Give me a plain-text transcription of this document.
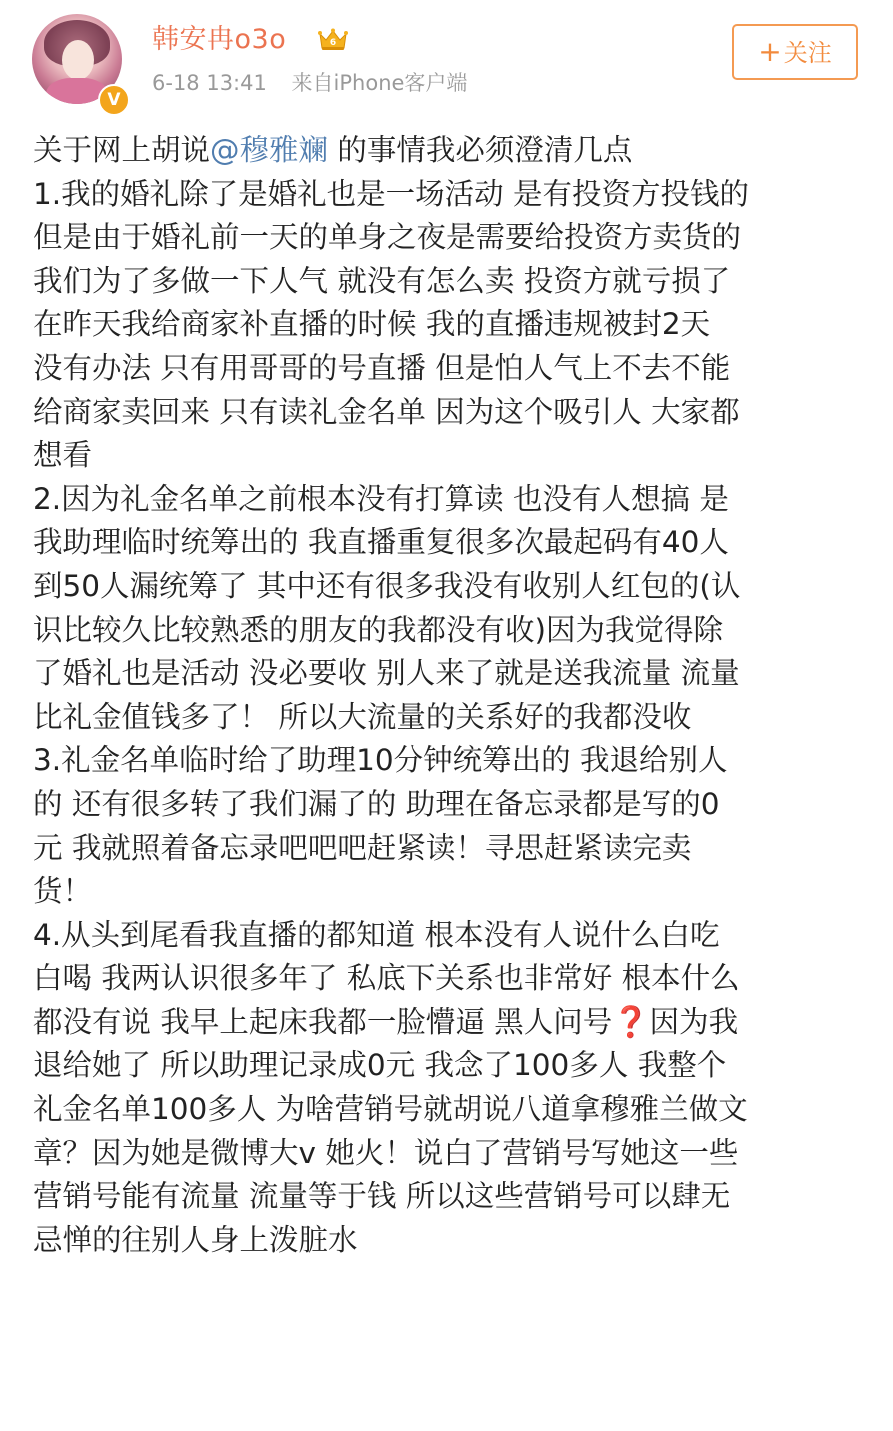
V
韩安冉o3o	6
6-18 13:41 来自iPhone客户端
+关注
关于网上胡说@穆雅斓 的事情我必须澄清几点
1.我的婚礼除了是婚礼也是一场活动 是有投资方投钱的
但是由于婚礼前一天的单身之夜是需要给投资方卖货的
我们为了多做一下人气 就没有怎么卖 投资方就亏损了
在昨天我给商家补直播的时候 我的直播违规被封2天
没有办法 只有用哥哥的号直播 但是怕人气上不去不能
给商家卖回来 只有读礼金名单 因为这个吸引人 大家都
想看
2.因为礼金名单之前根本没有打算读 也没有人想搞 是
我助理临时统筹出的 我直播重复很多次最起码有40人
到50人漏统筹了 其中还有很多我没有收别人红包的(认
识比较久比较熟悉的朋友的我都没有收)因为我觉得除
了婚礼也是活动 没必要收 别人来了就是送我流量 流量
比礼金值钱多了！ 所以大流量的关系好的我都没收
3.礼金名单临时给了助理10分钟统筹出的 我退给别人
的 还有很多转了我们漏了的 助理在备忘录都是写的0
元 我就照着备忘录吧吧吧赶紧读！寻思赶紧读完卖
货！
4.从头到尾看我直播的都知道 根本没有人说什么白吃
白喝 我两认识很多年了 私底下关系也非常好 根本什么
都没有说 我早上起床我都一脸懵逼 黑人问号❓因为我
退给她了 所以助理记录成0元 我念了100多人 我整个
礼金名单100多人 为啥营销号就胡说八道拿穆雅兰做文
章？因为她是微博大v 她火！说白了营销号写她这一些
营销号能有流量 流量等于钱 所以这些营销号可以肆无
忌惮的往别人身上泼脏水
